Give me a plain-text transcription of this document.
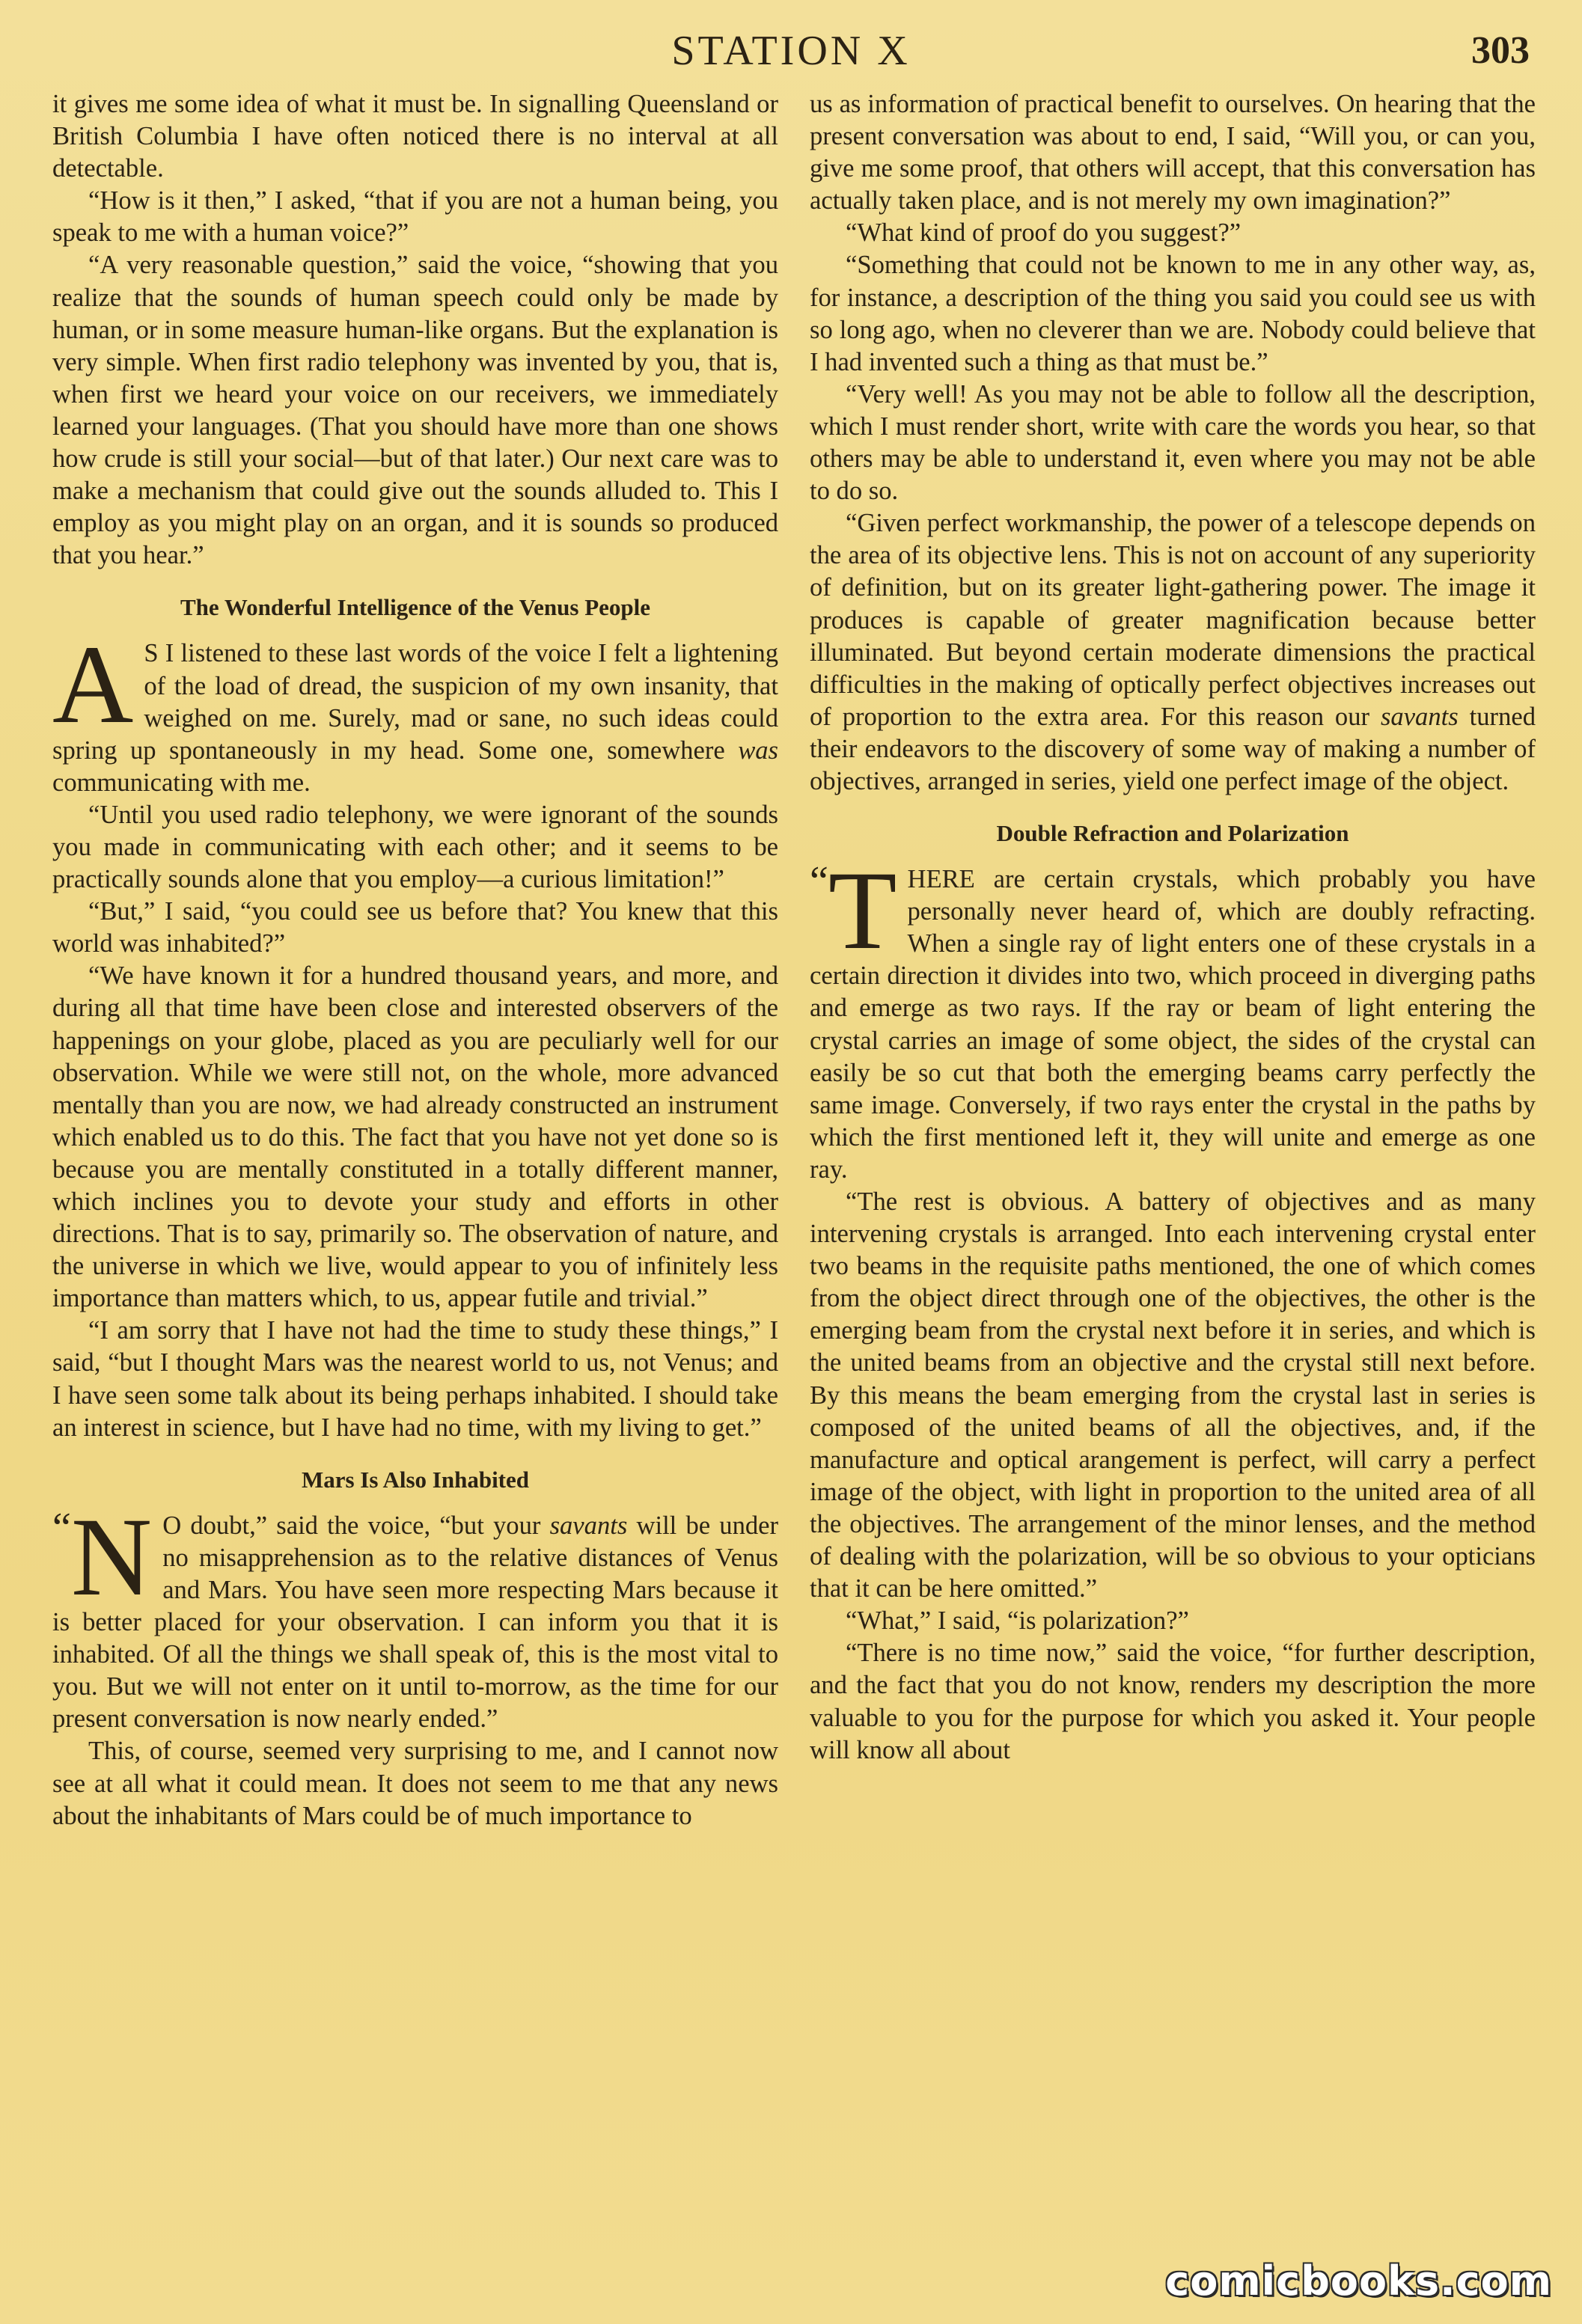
STATION X	303

it gives me some idea of what it must be. In signalling Queensland or British Columbia I have often noticed there is no interval at all detectable.

“How is it then,” I asked, “that if you are not a human being, you speak to me with a human voice?”

“A very reasonable question,” said the voice, “showing that you realize that the sounds of human speech could only be made by human, or in some measure human-like organs. But the explanation is very simple. When first radio telephony was invented by you, that is, when first we heard your voice on our receivers, we immediately learned your languages. (That you should have more than one shows how crude is still your social—but of that later.) Our next care was to make a mechanism that could give out the sounds alluded to. This I employ as you might play on an organ, and it is sounds so produced that you hear.”

The Wonderful Intelligence of the Venus People

A S I listened to these last words of the voice I felt a lightening of the load of dread, the suspicion of my own insanity, that weighed on me. Surely, mad or sane, no such ideas could spring up spontaneously in my head. Some one, somewhere was communicating with me.

“Until you used radio telephony, we were ignorant of the sounds you made in communicating with each other; and it seems to be practically sounds alone that you employ—a curious limitation!”

“But,” I said, “you could see us before that? You knew that this world was inhabited?”

“We have known it for a hundred thousand years, and more, and during all that time have been close and interested observers of the happenings on your globe, placed as you are peculiarly well for our observation. While we were still not, on the whole, more advanced mentally than you are now, we had already constructed an instrument which enabled us to do this. The fact that you have not yet done so is because you are mentally constituted in a totally different manner, which inclines you to devote your study and efforts in other directions. That is to say, primarily so. The observation of nature, and the universe in which we live, would appear to you of infinitely less importance than matters which, to us, appear futile and trivial.”

“I am sorry that I have not had the time to study these things,” I said, “but I thought Mars was the nearest world to us, not Venus; and I have seen some talk about its being perhaps inhabited. I should take an interest in science, but I have had no time, with my living to get.”

Mars Is Also Inhabited

“N O doubt,” said the voice, “but your savants will be under no misapprehension as to the relative distances of Venus and Mars. You have seen more respecting Mars because it is better placed for your observation. I can inform you that it is inhabited. Of all the things we shall speak of, this is the most vital to you. But we will not enter on it until to-morrow, as the time for our present conversation is now nearly ended.”

This, of course, seemed very surprising to me, and I cannot now see at all what it could mean. It does not seem to me that any news about the inhabitants of Mars could be of much importance to

us as information of practical benefit to ourselves. On hearing that the present conversation was about to end, I said, “Will you, or can you, give me some proof, that others will accept, that this conversation has actually taken place, and is not merely my own imagination?”

“What kind of proof do you suggest?”

“Something that could not be known to me in any other way, as, for instance, a description of the thing you said you could see us with so long ago, when no cleverer than we are. Nobody could believe that I had invented such a thing as that must be.”

“Very well! As you may not be able to follow all the description, which I must render short, write with care the words you hear, so that others may be able to understand it, even where you may not be able to do so.

“Given perfect workmanship, the power of a telescope depends on the area of its objective lens. This is not on account of any superiority of definition, but on its greater light-gathering power. The image it produces is capable of greater magnification because better illuminated. But beyond certain moderate dimensions the practical difficulties in the making of optically perfect objectives increases out of proportion to the extra area. For this reason our savants turned their endeavors to the discovery of some way of making a number of objectives, arranged in series, yield one perfect image of the object.

Double Refraction and Polarization

“T HERE are certain crystals, which probably you have personally never heard of, which are doubly refracting. When a single ray of light enters one of these crystals in a certain direction it divides into two, which proceed in diverging paths and emerge as two rays. If the ray or beam of light entering the crystal carries an image of some object, the sides of the crystal can easily be so cut that both the emerging beams carry perfectly the same image. Conversely, if two rays enter the crystal in the paths by which the first mentioned left it, they will unite and emerge as one ray.

“The rest is obvious. A battery of objectives and as many intervening crystals is arranged. Into each intervening crystal enter two beams in the requisite paths mentioned, the one of which comes from the object direct through one of the objectives, the other is the emerging beam from the crystal next before it in series, and which is the united beams from an objective and the crystal still next before. By this means the beam emerging from the crystal last in series is composed of the united beams of all the objectives, and, if the manufacture and optical arangement is perfect, will carry a perfect image of the object, with light in proportion to the united area of all the objectives. The arrangement of the minor lenses, and the method of dealing with the polarization, will be so obvious to your opticians that it can be here omitted.”

“What,” I said, “is polarization?”

“There is no time now,” said the voice, “for further description, and the fact that you do not know, renders my description the more valuable to you for the purpose for which you asked it. Your people will know all about

comicbooks.com
